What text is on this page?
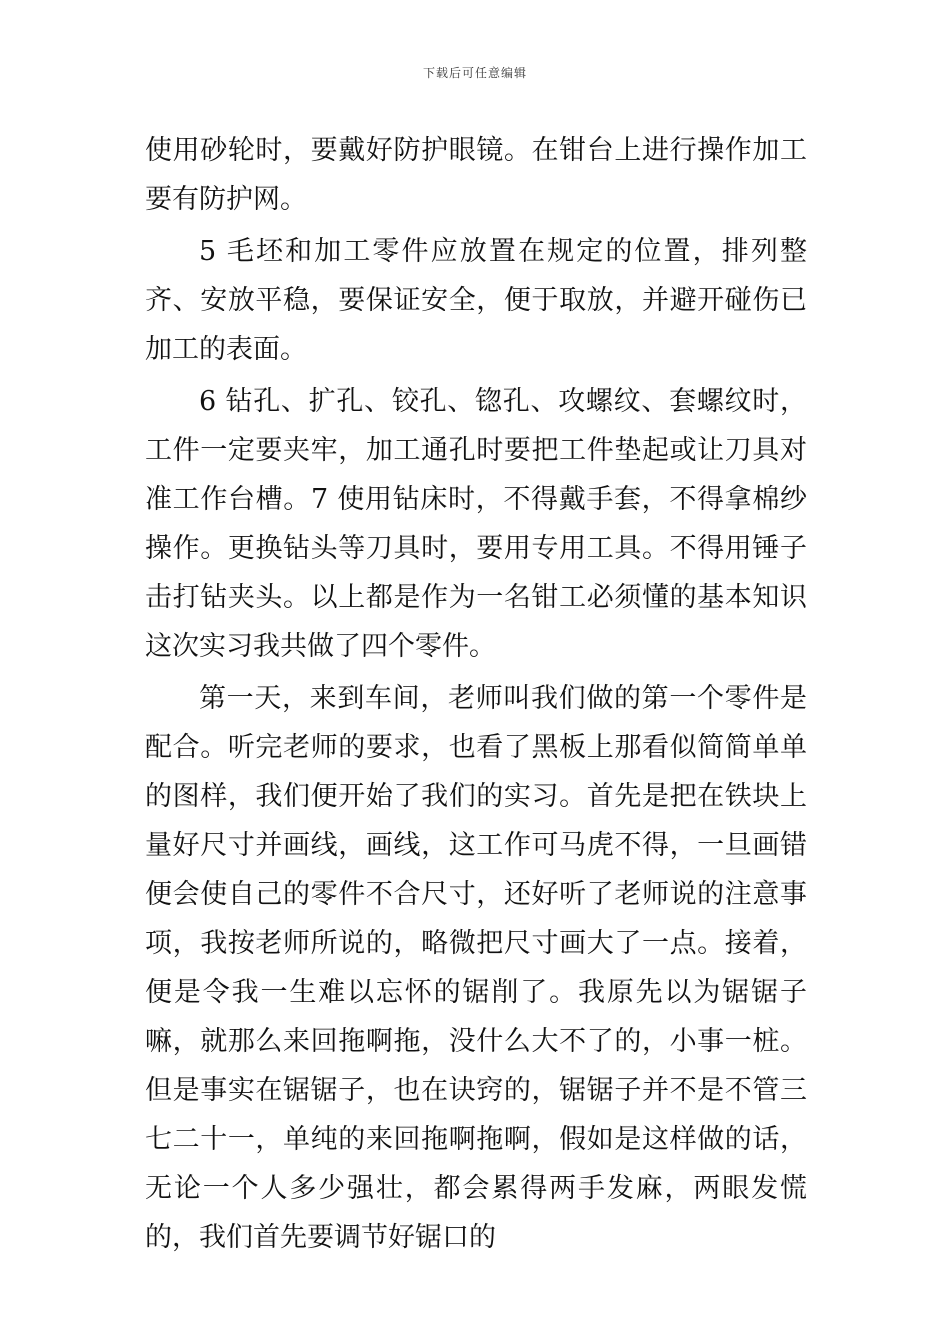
下载后可任意编辑

使用砂轮时，要戴好防护眼镜。在钳台上进行操作加工要有防护网。

5 毛坯和加工零件应放置在规定的位置，排列整齐、安放平稳，要保证安全，便于取放，并避开碰伤已加工的表面。

6 钻孔、扩孔、铰孔、锪孔、攻螺纹、套螺纹时，工件一定要夹牢，加工通孔时要把工件垫起或让刀具对准工作台槽。7 使用钻床时，不得戴手套，不得拿棉纱操作。更换钻头等刀具时，要用专用工具。不得用锤子击打钻夹头。以上都是作为一名钳工必须懂的基本知识 这次实习我共做了四个零件。

第一天，来到车间，老师叫我们做的第一个零件是配合。听完老师的要求，也看了黑板上那看似简简单单的图样，我们便开始了我们的实习。首先是把在铁块上量好尺寸并画线，画线，这工作可马虎不得，一旦画错便会使自己的零件不合尺寸，还好听了老师说的注意事项，我按老师所说的，略微把尺寸画大了一点。接着，便是令我一生难以忘怀的锯削了。我原先以为锯锯子嘛，就那么来回拖啊拖，没什么大不了的，小事一桩。但是事实在锯锯子，也在诀窍的，锯锯子并不是不管三七二十一，单纯的来回拖啊拖啊，假如是这样做的话，无论一个人多少强壮，都会累得两手发麻，两眼发慌的，我们首先要调节好锯口的
